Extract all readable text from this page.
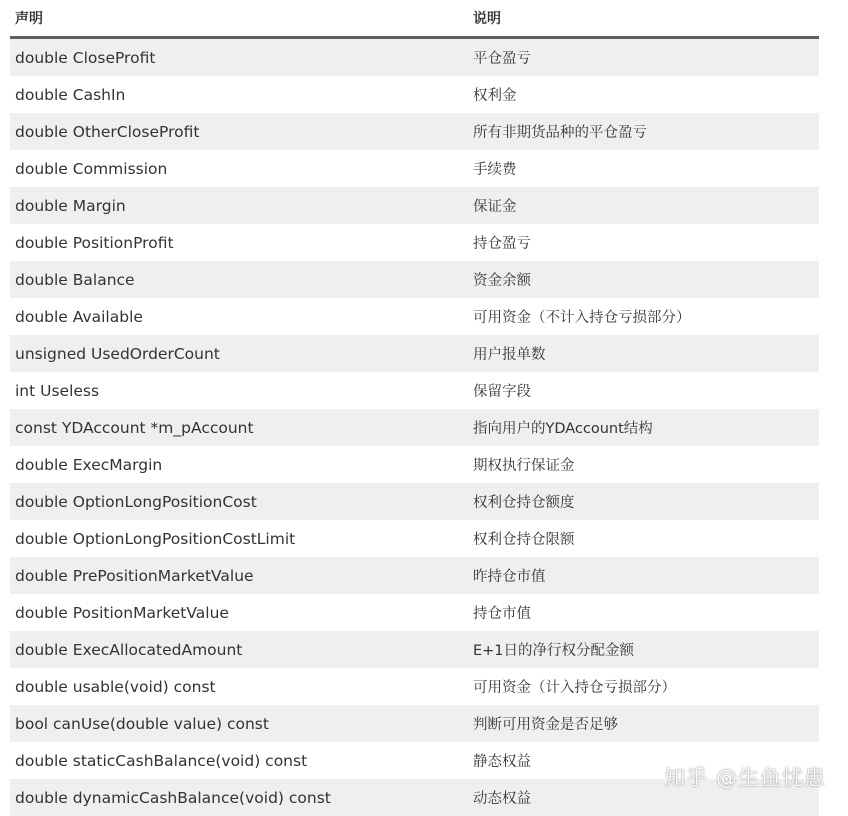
声明	说明
double CloseProfit	平仓盈亏
double CashIn	权利金
double OtherCloseProfit	所有非期货品种的平仓盈亏
double Commission	手续费
double Margin	保证金
double PositionProfit	持仓盈亏
double Balance	资金余额
double Available	可用资金（不计入持仓亏损部分）
unsigned UsedOrderCount	用户报单数
int Useless	保留字段
const YDAccount *m_pAccount	指向用户的YDAccount结构
double ExecMargin	期权执行保证金
double OptionLongPositionCost	权利仓持仓额度
double OptionLongPositionCostLimit	权利仓持仓限额
double PrePositionMarketValue	昨持仓市值
double PositionMarketValue	持仓市值
double ExecAllocatedAmount	E+1日的净行权分配金额
double usable(void) const	可用资金（计入持仓亏损部分）
bool canUse(double value) const	判断可用资金是否足够
double staticCashBalance(void) const	静态权益
double dynamicCashBalance(void) const	动态权益
知乎 @生鱼忧患
